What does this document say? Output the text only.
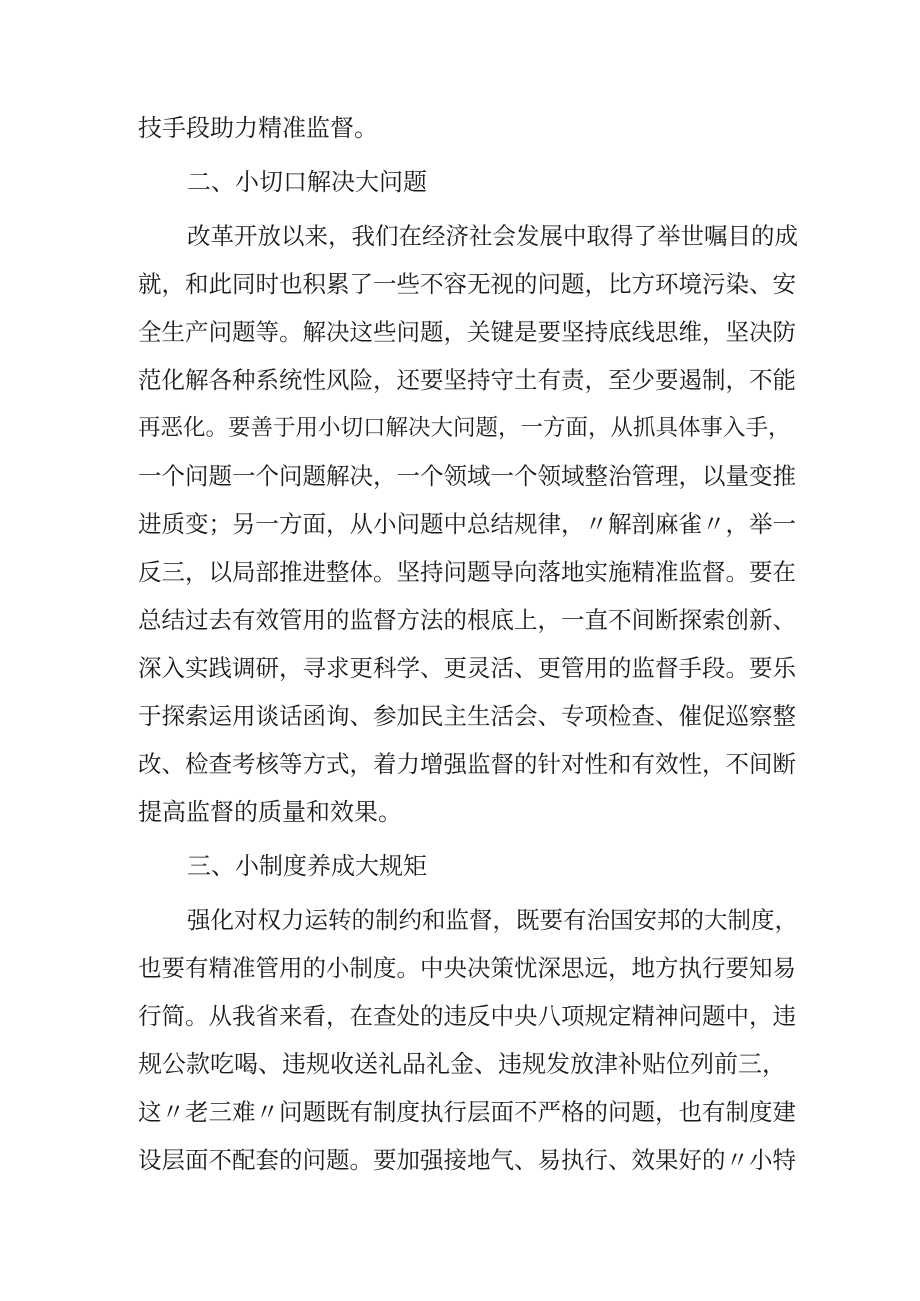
技手段助力精准监督。
二、小切口解决大问题
改革开放以来，我们在经济社会发展中取得了举世嘱目的成
就，和此同时也积累了一些不容无视的问题，比方环境污染、安
全生产问题等。解决这些问题，关键是要坚持底线思维，坚决防
范化解各种系统性风险，还要坚持守土有责，至少要遏制，不能
再恶化。要善于用小切口解决大问题，一方面，从抓具体事入手，
一个问题一个问题解决，一个领域一个领域整治管理，以量变推
进质变；另一方面，从小问题中总结规律，〃解剖麻雀〃，举一
反三，以局部推进整体。坚持问题导向落地实施精准监督。要在
总结过去有效管用的监督方法的根底上，一直不间断探索创新、
深入实践调研，寻求更科学、更灵活、更管用的监督手段。要乐
于探索运用谈话函询、参加民主生活会、专项检查、催促巡察整
改、检查考核等方式，着力增强监督的针对性和有效性，不间断
提高监督的质量和效果。
三、小制度养成大规矩
强化对权力运转的制约和监督，既要有治国安邦的大制度，
也要有精准管用的小制度。中央决策忧深思远，地方执行要知易
行简。从我省来看，在查处的违反中央八项规定精神问题中，违
规公款吃喝、违规收送礼品礼金、违规发放津补贴位列前三，
这〃老三难〃问题既有制度执行层面不严格的问题，也有制度建
设层面不配套的问题。要加强接地气、易执行、效果好的〃小特
